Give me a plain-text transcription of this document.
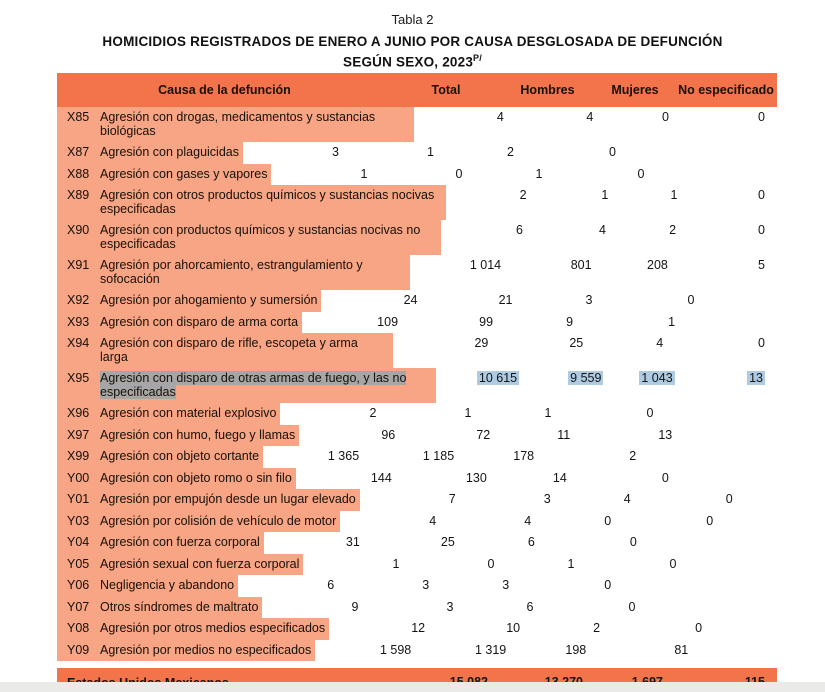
Tabla 2
HOMICIDIOS REGISTRADOS DE ENERO A JUNIO POR CAUSA DESGLOSADA DE DEFUNCIÓN
SEGÚN SEXO, $2023^{P/}$
Causa de la defunción	Total	Hombres	Mujeres	No especificado
X85 Agresión con drogas, medicamentos y sustancias biológicas
4	4	0	0
X87 Agresión con plaguicidas	3	1	2	0
X88 Agresión con gases y vapores	1	0	1	0
X89 Agresión con otros productos químicos y sustancias nocivas especificadas
2	1	1	0
X90 Agresión con productos químicos y sustancias nocivas no especificadas
6	4	2	0
X91 Agresión por ahorcamiento, estrangulamiento y sofocación
1 014	801	208	5
X92 Agresión por ahogamiento y sumersión	24	21	3	0
X93 Agresión con disparo de arma corta	109	99	9	1
X94 Agresión con disparo de rifle, escopeta y arma larga
29	25	4	0
X95 Agresión con disparo de otras armas de fuego, y las no especificadas
10 615	9 559	1 043	13
X96 Agresión con material explosivo	2	1	1	0
X97 Agresión con humo, fuego y llamas	96	72	11	13
X99 Agresión con objeto cortante	1 365	1 185	178	2
Y00 Agresión con objeto romo o sin filo	144	130	14	0
Y01 Agresión por empujón desde un lugar elevado	7	3	4	0
Y03 Agresión por colisión de vehículo de motor	4	4	0	0
Y04 Agresión con fuerza corporal	31	25	6	0
Y05 Agresión sexual con fuerza corporal	1	0	1	0
Y06 Negligencia y abandono	6	3	3	0
Y07 Otros síndromes de maltrato	9	3	6	0
Y08 Agresión por otros medios especificados	12	10	2	0
Y09 Agresión por medios no especificados	1 598	1 319	198	81
